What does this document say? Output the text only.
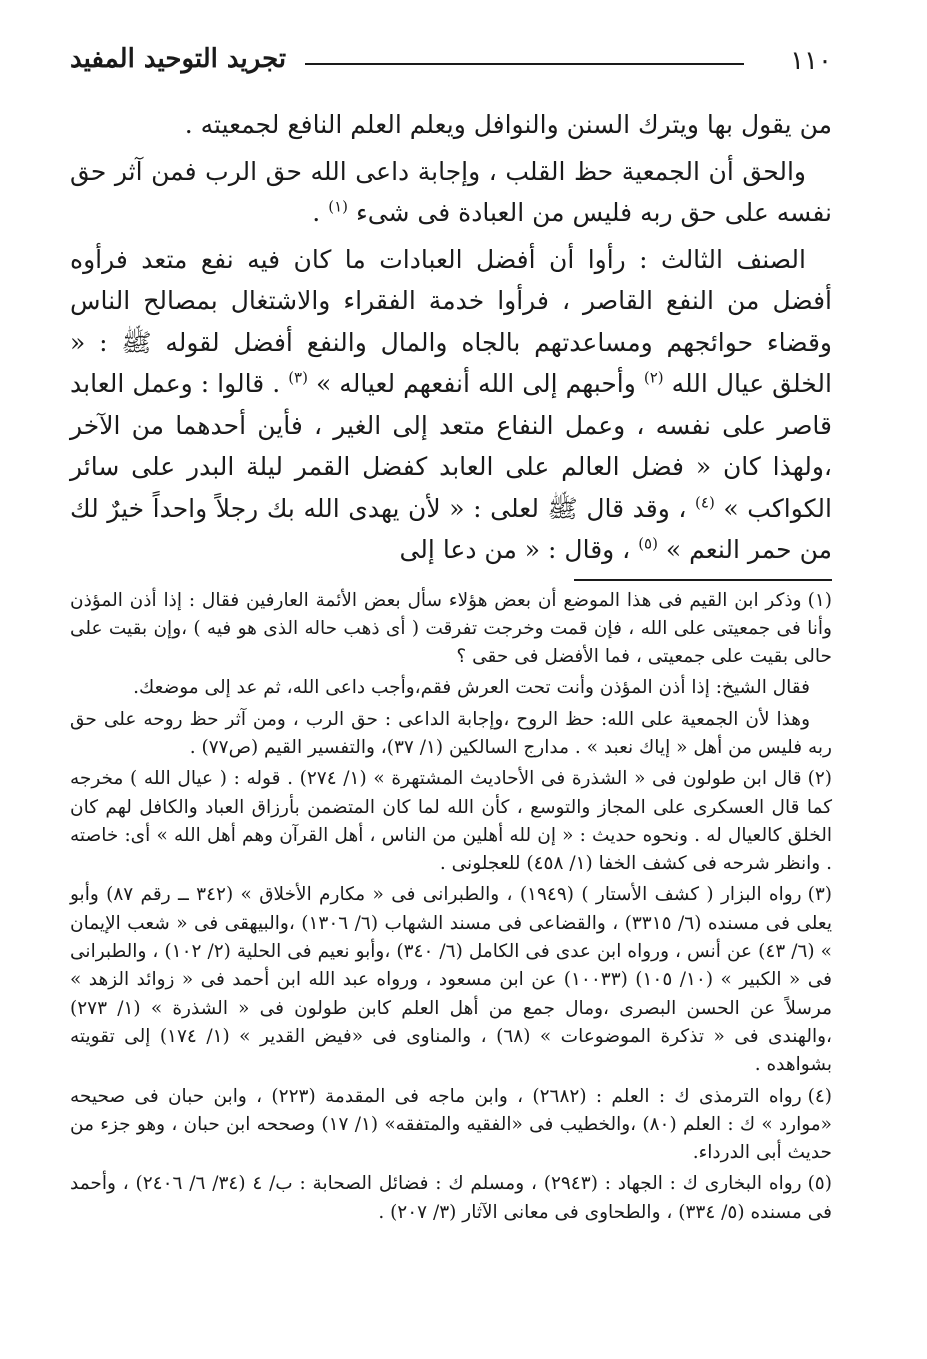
١١٠
تجريد التوحيد المفيد

من يقول بها ويترك السنن والنوافل ويعلم العلم النافع لجمعيته .

والحق أن الجمعية حظ القلب ، وإجابة داعى الله حق الرب فمن آثر حق نفسه على حق ربه فليس من العبادة فى شىء $^{(١)}$ .

الصنف الثالث : رأوا أن أفضل العبادات ما كان فيه نفع متعد فرأوه أفضل من النفع القاصر ، فرأوا خدمة الفقراء والاشتغال بمصالح الناس وقضاء حوائجهم ومساعدتهم بالجاه والمال والنفع أفضل لقوله ﷺ : « الخلق عيال الله $^{(٢)}$ وأحبهم إلى الله أنفعهم لعياله » $^{(٣)}$ . قالوا : وعمل العابد قاصر على نفسه ، وعمل النفاع متعد إلى الغير ، فأين أحدهما من الآخر ،ولهذا كان « فضل العالم على العابد كفضل القمر ليلة البدر على سائر الكواكب » $^{(٤)}$ ، وقد قال ﷺ لعلى : « لأن يهدى الله بك رجلاً واحداً خيرٌ لك من حمر النعم » $^{(٥)}$ ، وقال : « من دعا إلى

(١)وذكر ابن القيم فى هذا الموضع أن بعض هؤلاء سأل بعض الأئمة العارفين فقال : إذا أذن المؤذن وأنا فى جمعيتى على الله ، فإن قمت وخرجت تفرقت ( أى ذهب حاله الذى هو فيه ) ،وإن بقيت على حالى بقيت على جمعيتى ، فما الأفضل فى حقى ؟

فقال الشيخ: إذا أذن المؤذن وأنت تحت العرش فقم،وأجب داعى الله، ثم عد إلى موضعك.

وهذا لأن الجمعية على الله: حظ الروح ،وإجابة الداعى : حق الرب ، ومن آثر حظ روحه على حق ربه فليس من أهل « إياك نعبد » . مدارج السالكين (١/ ٣٧)، والتفسير القيم (ص٧٧) .

(٢)قال ابن طولون فى « الشذرة فى الأحاديث المشتهرة » (١/ ٢٧٤) . قوله : ( عيال الله ) مخرجه كما قال العسكرى على المجاز والتوسع ، كأن الله لما كان المتضمن بأرزاق العباد والكافل لهم كان الخلق كالعيال له . ونحوه حديث : « إن لله أهلين من الناس ، أهل القرآن وهم أهل الله » أى: خاصته . وانظر شرحه فى كشف الخفا (١/ ٤٥٨) للعجلونى .

(٣)رواه البزار ( كشف الأستار ) (١٩٤٩) ، والطبرانى فى « مكارم الأخلاق » (٣٤٢ ــ رقم ٨٧) وأبو يعلى فى مسنده (٦/ ٣٣١٥) ، والقضاعى فى مسند الشهاب (٦/ ١٣٠٦) ،والبيهقى فى « شعب الإيمان » (٦/ ٤٣) عن أنس ، ورواه ابن عدى فى الكامل (٦/ ٣٤٠) ،وأبو نعيم فى الحلية (٢/ ١٠٢) ، والطبرانى فى « الكبير » (١٠/ ١٠٥) (١٠٠٣٣) عن ابن مسعود ، ورواه عبد الله ابن أحمد فى « زوائد الزهد » مرسلاً عن الحسن البصرى ،ومال جمع من أهل العلم كابن طولون فى « الشذرة » (١/ ٢٧٣) ،والهندى فى « تذكرة الموضوعات » (٦٨) ، والمناوى فى «فيض القدير » (١/ ١٧٤) إلى تقويته بشواهده .

(٤)رواه الترمذى ك : العلم : (٢٦٨٢) ، وابن ماجه فى المقدمة (٢٢٣) ، وابن حبان فى صحيحه «موارد » ك : العلم (٨٠) ،والخطيب فى «الفقيه والمتفقه» (١/ ١٧) وصححه ابن حبان ، وهو جزء من حديث أبى الدرداء.

(٥)رواه البخارى ك : الجهاد : (٢٩٤٣) ، ومسلم ك : فضائل الصحابة : ب/ ٤ (٣٤/ ٦/ ٢٤٠٦) ، وأحمد فى مسنده (٥/ ٣٣٤) ، والطحاوى فى معانى الآثار (٣/ ٢٠٧) .
